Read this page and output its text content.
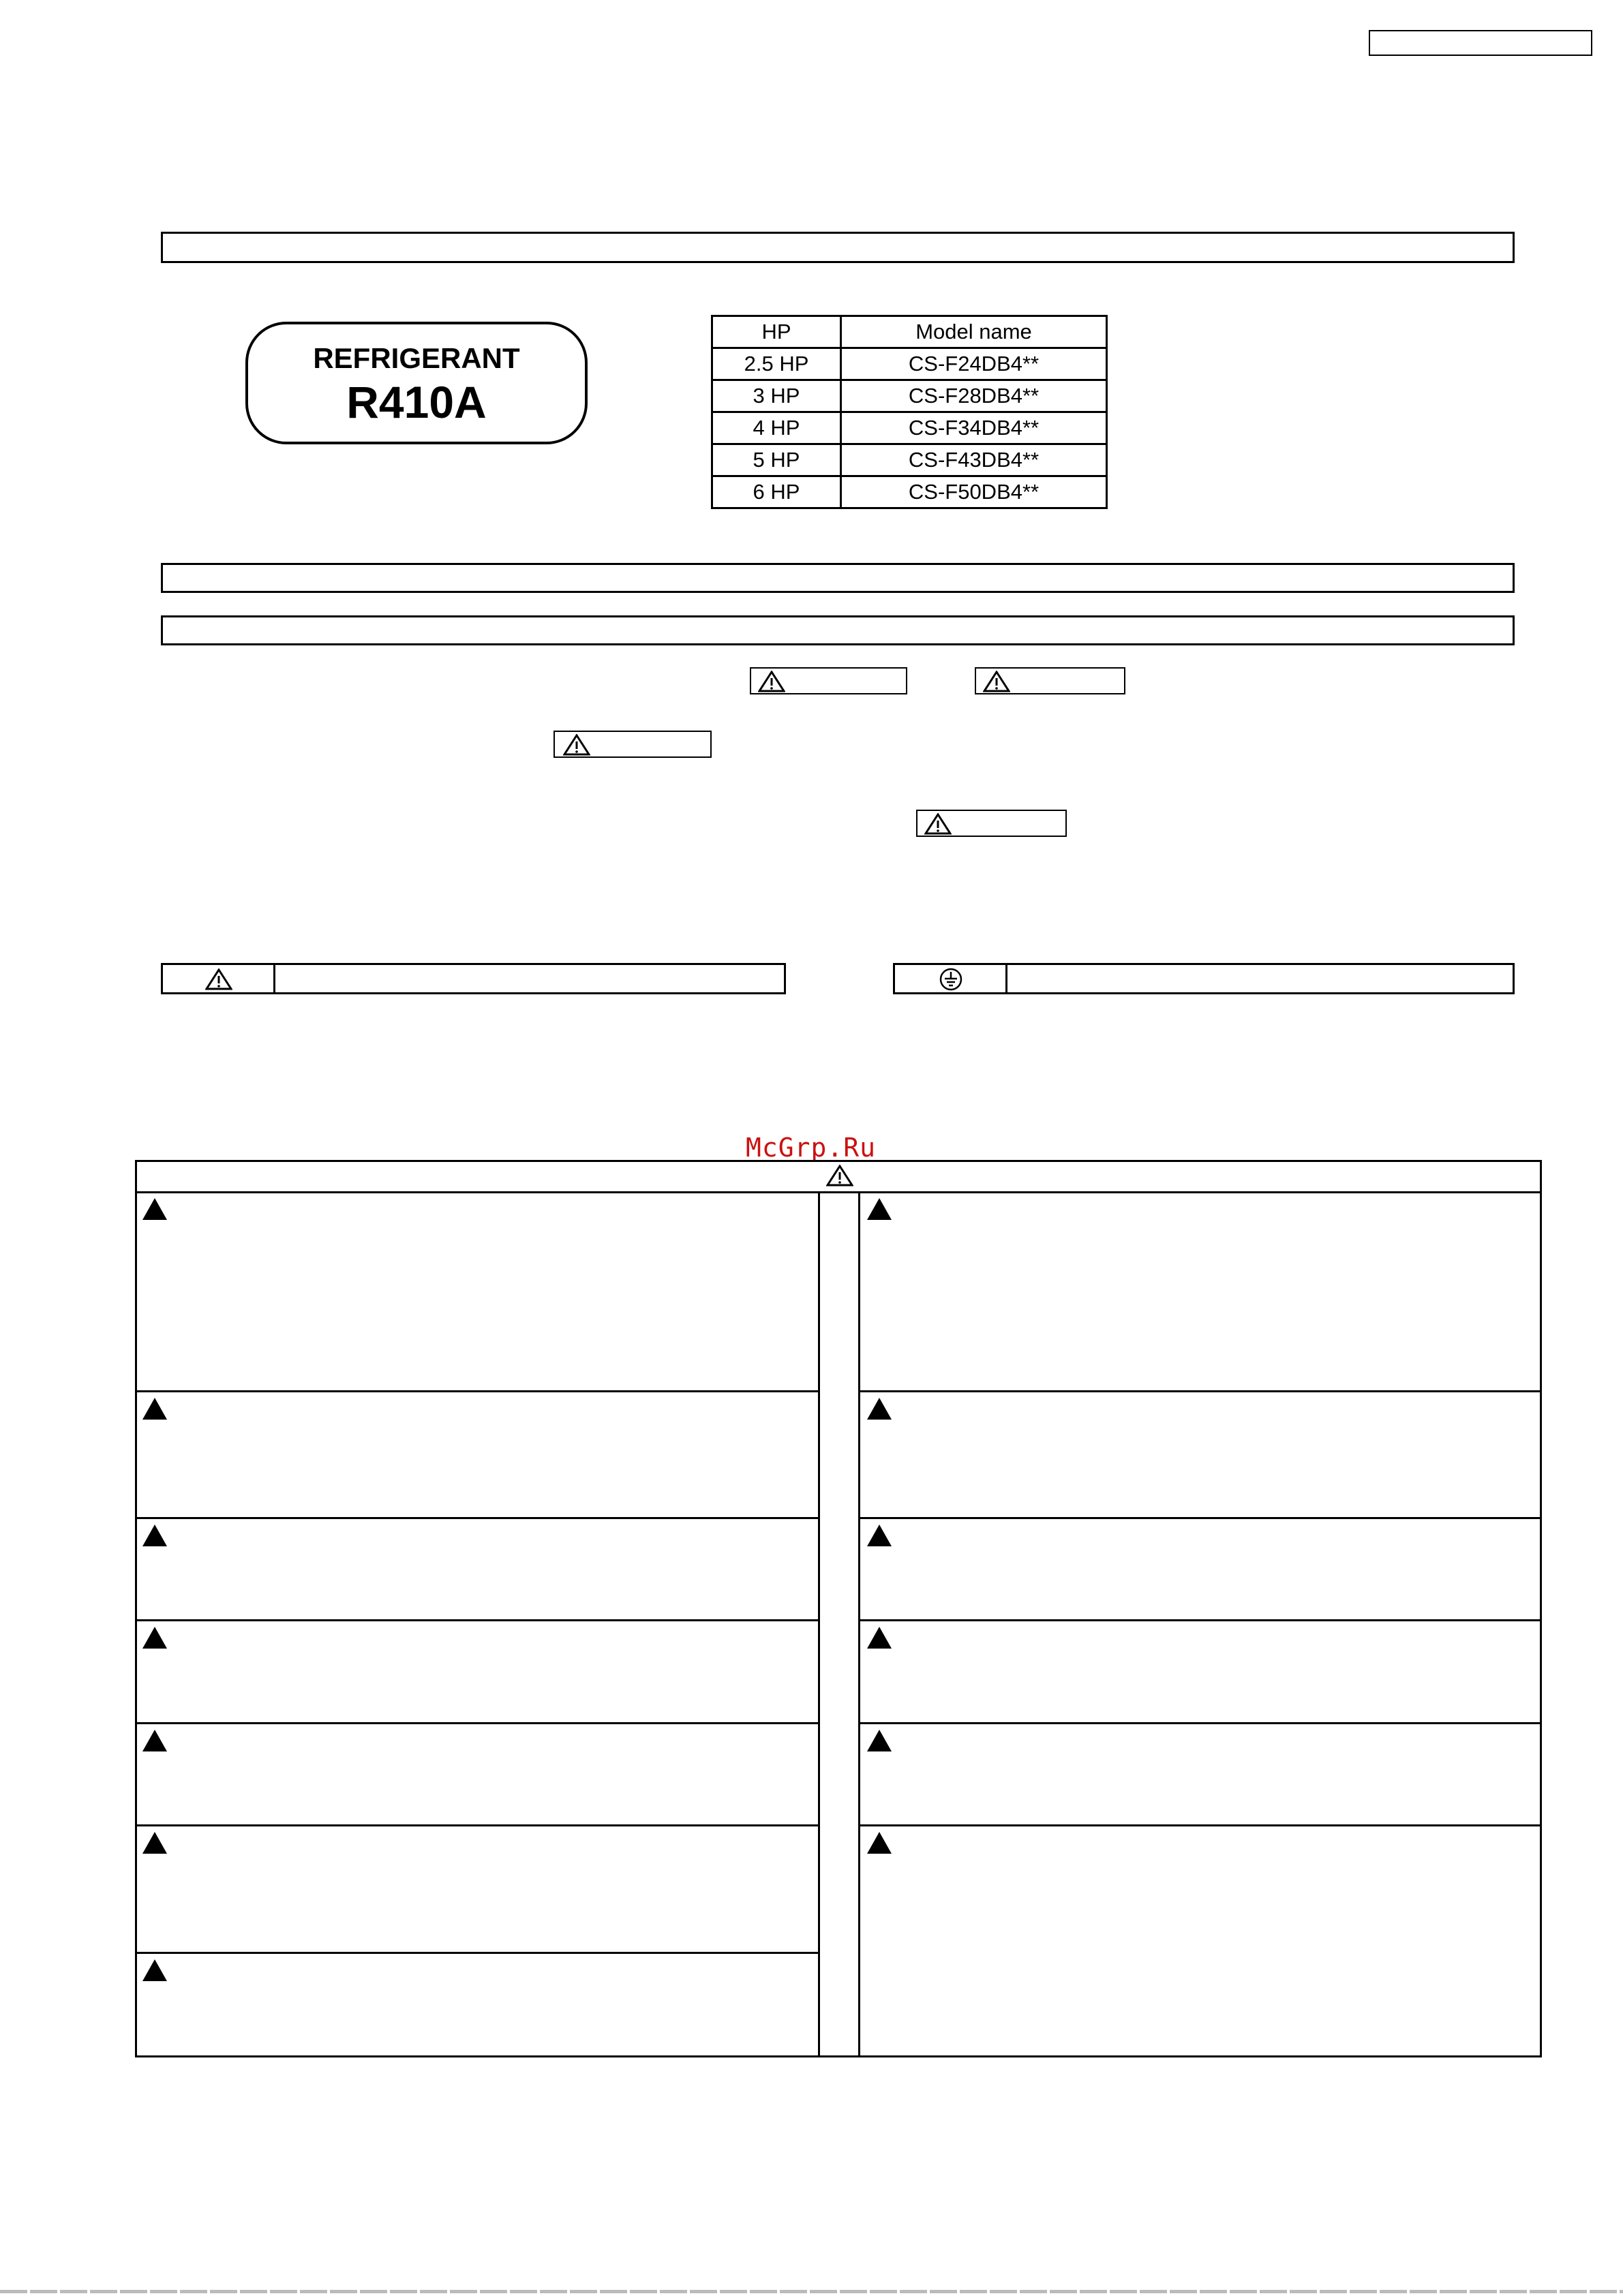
REFRIGERANT
R410A
HP	Model name
2.5 HP	CS-F24DB4**
3 HP	CS-F28DB4**
4 HP	CS-F34DB4**
5 HP	CS-F43DB4**
6 HP	CS-F50DB4**
McGrp.Ru
